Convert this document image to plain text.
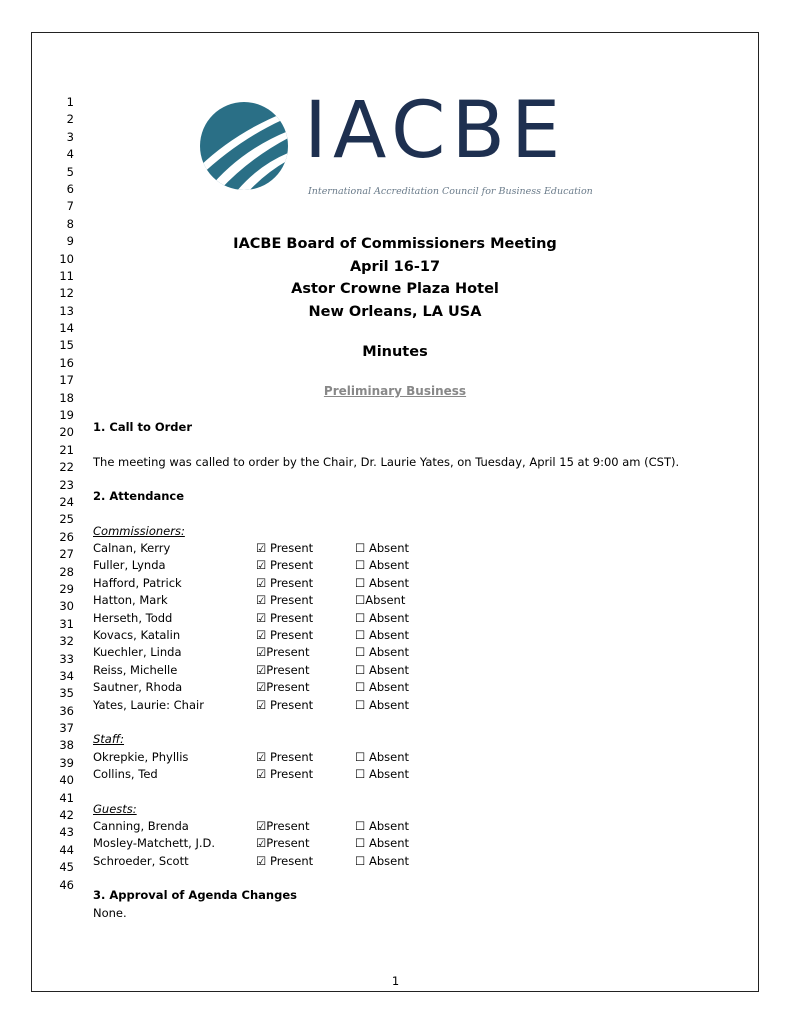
IACBE
International Accreditation Council for Business Education
1
2
3
4
5
6
7
8
9
10
11
12
13
14
15
16
17
18
19
20
21
22
23
24
25
26
27
28
29
30
31
32
33
34
35
36
37
38
39
40
41
42
43
44
45
46
IACBE Board of Commissioners Meeting
April 16-17
Astor Crowne Plaza Hotel
New Orleans, LA USA
Minutes
Preliminary Business
1. Call to Order
The meeting was called to order by the Chair, Dr. Laurie Yates, on Tuesday, April 15 at 9:00 am (CST).
2. Attendance
Commissioners:
Calnan, Kerry	☑ Present	☐ Absent
Fuller, Lynda	☑ Present	☐ Absent
Hafford, Patrick	☑ Present	☐ Absent
Hatton, Mark	☑ Present	☐Absent
Herseth, Todd	☑ Present	☐ Absent
Kovacs, Katalin	☑ Present	☐ Absent
Kuechler, Linda	☑Present	☐ Absent
Reiss, Michelle	☑Present	☐ Absent
Sautner, Rhoda	☑Present	☐ Absent
Yates, Laurie: Chair	☑ Present	☐ Absent
Staff:
Okrepkie, Phyllis	☑ Present	☐ Absent
Collins, Ted	☑ Present	☐ Absent
Guests:
Canning, Brenda	☑Present	☐ Absent
Mosley-Matchett, J.D.	☑Present	☐ Absent
Schroeder, Scott	☑ Present	☐ Absent
3. Approval of Agenda Changes
None.
1
